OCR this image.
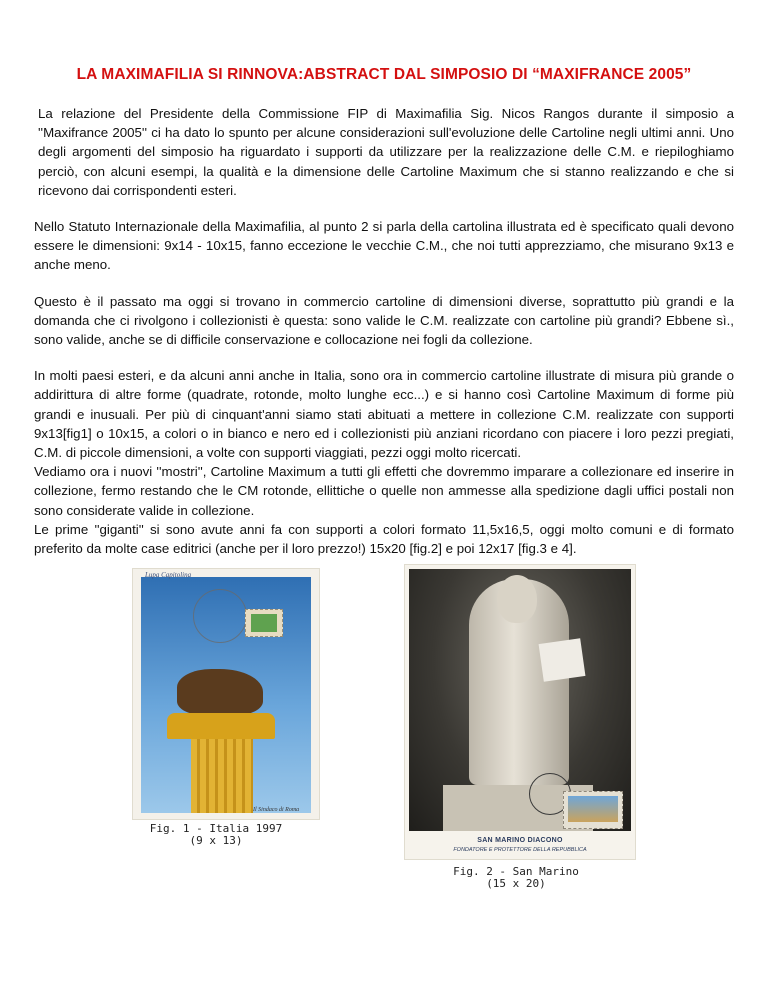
LA MAXIMAFILIA SI RINNOVA:ABSTRACT DAL SIMPOSIO DI “MAXIFRANCE 2005”

La relazione del Presidente della Commissione FIP di Maximafilia Sig. Nicos Rangos durante il simposio a ''Maxifrance 2005'' ci ha dato lo spunto per alcune considerazioni sull'evoluzione delle Cartoline negli ultimi anni. Uno degli argomenti del simposio ha riguardato i supporti da utilizzare per la realizzazione delle C.M. e riepiloghiamo perciò, con alcuni esempi, la qualità e la dimensione delle Cartoline Maximum che si stanno realizzando e che si ricevono dai corrispondenti esteri.

Nello Statuto Internazionale della Maximafilia, al punto 2 si parla della cartolina illustrata ed è specificato quali devono essere le dimensioni: 9x14 - 10x15, fanno eccezione le vecchie C.M., che noi tutti apprezziamo, che misurano 9x13 e anche meno.

Questo è il passato ma oggi si trovano in commercio cartoline di dimensioni diverse, soprattutto più grandi e la domanda che ci rivolgono i collezionisti è questa: sono valide le C.M. realizzate con cartoline più grandi? Ebbene sì., sono valide, anche se di difficile conservazione e collocazione nei fogli da collezione.

In molti paesi esteri, e da alcuni anni anche in Italia, sono ora in commercio cartoline illustrate di misura più grande o addirittura di altre forme (quadrate, rotonde, molto lunghe ecc...) e si hanno così Cartoline Maximum di forme più grandi e inusuali. Per più di cinquant'anni siamo stati abituati a mettere in collezione C.M. realizzate con supporti 9x13[fig1] o 10x15, a colori o in bianco e nero ed i collezionisti più anziani ricordano con piacere i loro pezzi pregiati, C.M. di piccole dimensioni, a volte con supporti viaggiati, pezzi oggi molto ricercati.

Vediamo ora i nuovi ''mostri'', Cartoline Maximum a tutti gli effetti che dovremmo imparare a collezionare ed inserire in collezione, fermo restando che le CM rotonde, ellittiche o quelle non ammesse alla spedizione dagli uffici postali non sono considerate valide in collezione.

Le prime ''giganti'' si sono avute anni fa con supporti a colori formato 11,5x16,5, oggi molto comuni e di formato preferito da molte case editrici (anche per il loro prezzo!) 15x20 [fig.2] e poi 12x17 [fig.3 e 4].

Lupa Capitolina
Il Sindaco di Roma
Fig. 1 - Italia 1997
(9 x 13)	SAN MARINO DIACONO
FONDATORE E PROTETTORE DELLA REPUBBLICA
Fig. 2 - San Marino
(15 x 20)
